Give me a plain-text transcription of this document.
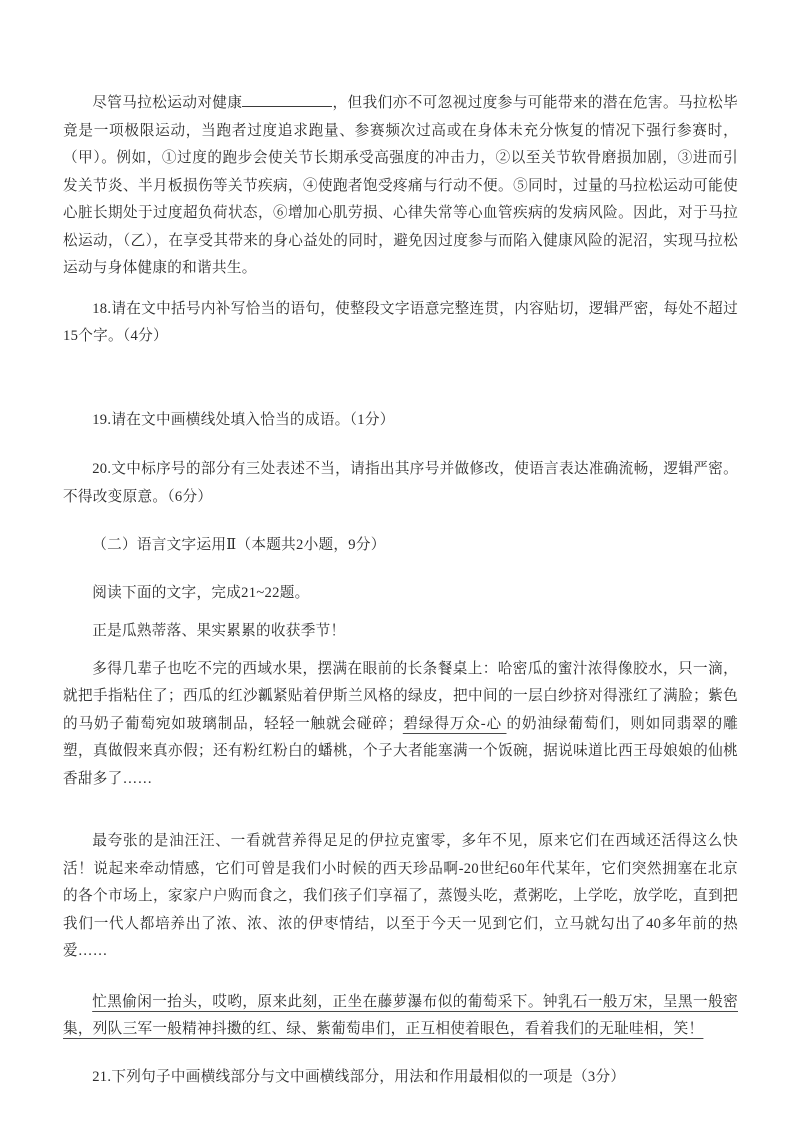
尽管马拉松运动对健康	，但我们亦不可忽视过度参与可能带来的潜在危害。马拉松毕竟是一项极限运动，当跑者过度追求跑量、参赛频次过高或在身体未充分恢复的情况下强行参赛时，（甲）。例如，①过度的跑步会使关节长期承受高强度的冲击力，②以至关节软骨磨损加剧，③进而引发关节炎、半月板损伤等关节疾病，④使跑者饱受疼痛与行动不便。⑤同时，过量的马拉松运动可能使心脏长期处于过度超负荷状态，⑥增加心肌劳损、心律失常等心血管疾病的发病风险。因此，对于马拉松运动，（乙），在享受其带来的身心益处的同时，避免因过度参与而陷入健康风险的泥沼，实现马拉松运动与身体健康的和谐共生。

18.请在文中括号内补写恰当的语句，使整段文字语意完整连贯，内容贴切，逻辑严密，每处不超过15个字。（4分）

19.请在文中画横线处填入恰当的成语。（1分）

20.文中标序号的部分有三处表述不当，请指出其序号并做修改，使语言表达准确流畅，逻辑严密。不得改变原意。（6分）

（二）语言文字运用Ⅱ（本题共2小题，9分）

阅读下面的文字，完成21~22题。

正是瓜熟蒂落、果实累累的收获季节！

多得几辈子也吃不完的西域水果，摆满在眼前的长条餐桌上：哈密瓜的蜜汁浓得像胶水，只一滴，就把手指粘住了；西瓜的红沙瓤紧贴着伊斯兰风格的绿皮，把中间的一层白纱挤对得涨红了满脸；紫色的马奶子葡萄宛如玻璃制品，轻轻一触就会碰碎；碧绿得万众-心 的奶油绿葡萄们，则如同翡翠的雕塑，真做假来真亦假；还有粉红粉白的蟠桃，个子大者能塞满一个饭碗，据说味道比西王母娘娘的仙桃香甜多了……

最夸张的是油汪汪、一看就营养得足足的伊拉克蜜零，多年不见，原来它们在西域还活得这么快活！说起来牵动情感，它们可曾是我们小时候的西天珍品啊-20世纪60年代某年，它们突然拥塞在北京的各个市场上，家家户户购而食之，我们孩子们享福了，蒸馒头吃，煮粥吃，上学吃，放学吃，直到把我们一代人都培养出了浓、浓、浓的伊枣情结，以至于今天一见到它们，立马就勾出了40多年前的热爱……

忙黑偷闲一抬头，哎哟，原来此刻，正坐在藤萝瀑布似的葡萄采下。钟乳石一般万宋，呈黑一般密集，列队三军一般精神抖擞的红、绿、紫葡萄串们，正互相使着眼色，看着我们的无耻哇相，笑！

21.下列句子中画横线部分与文中画横线部分，用法和作用最相似的一项是（3分）
